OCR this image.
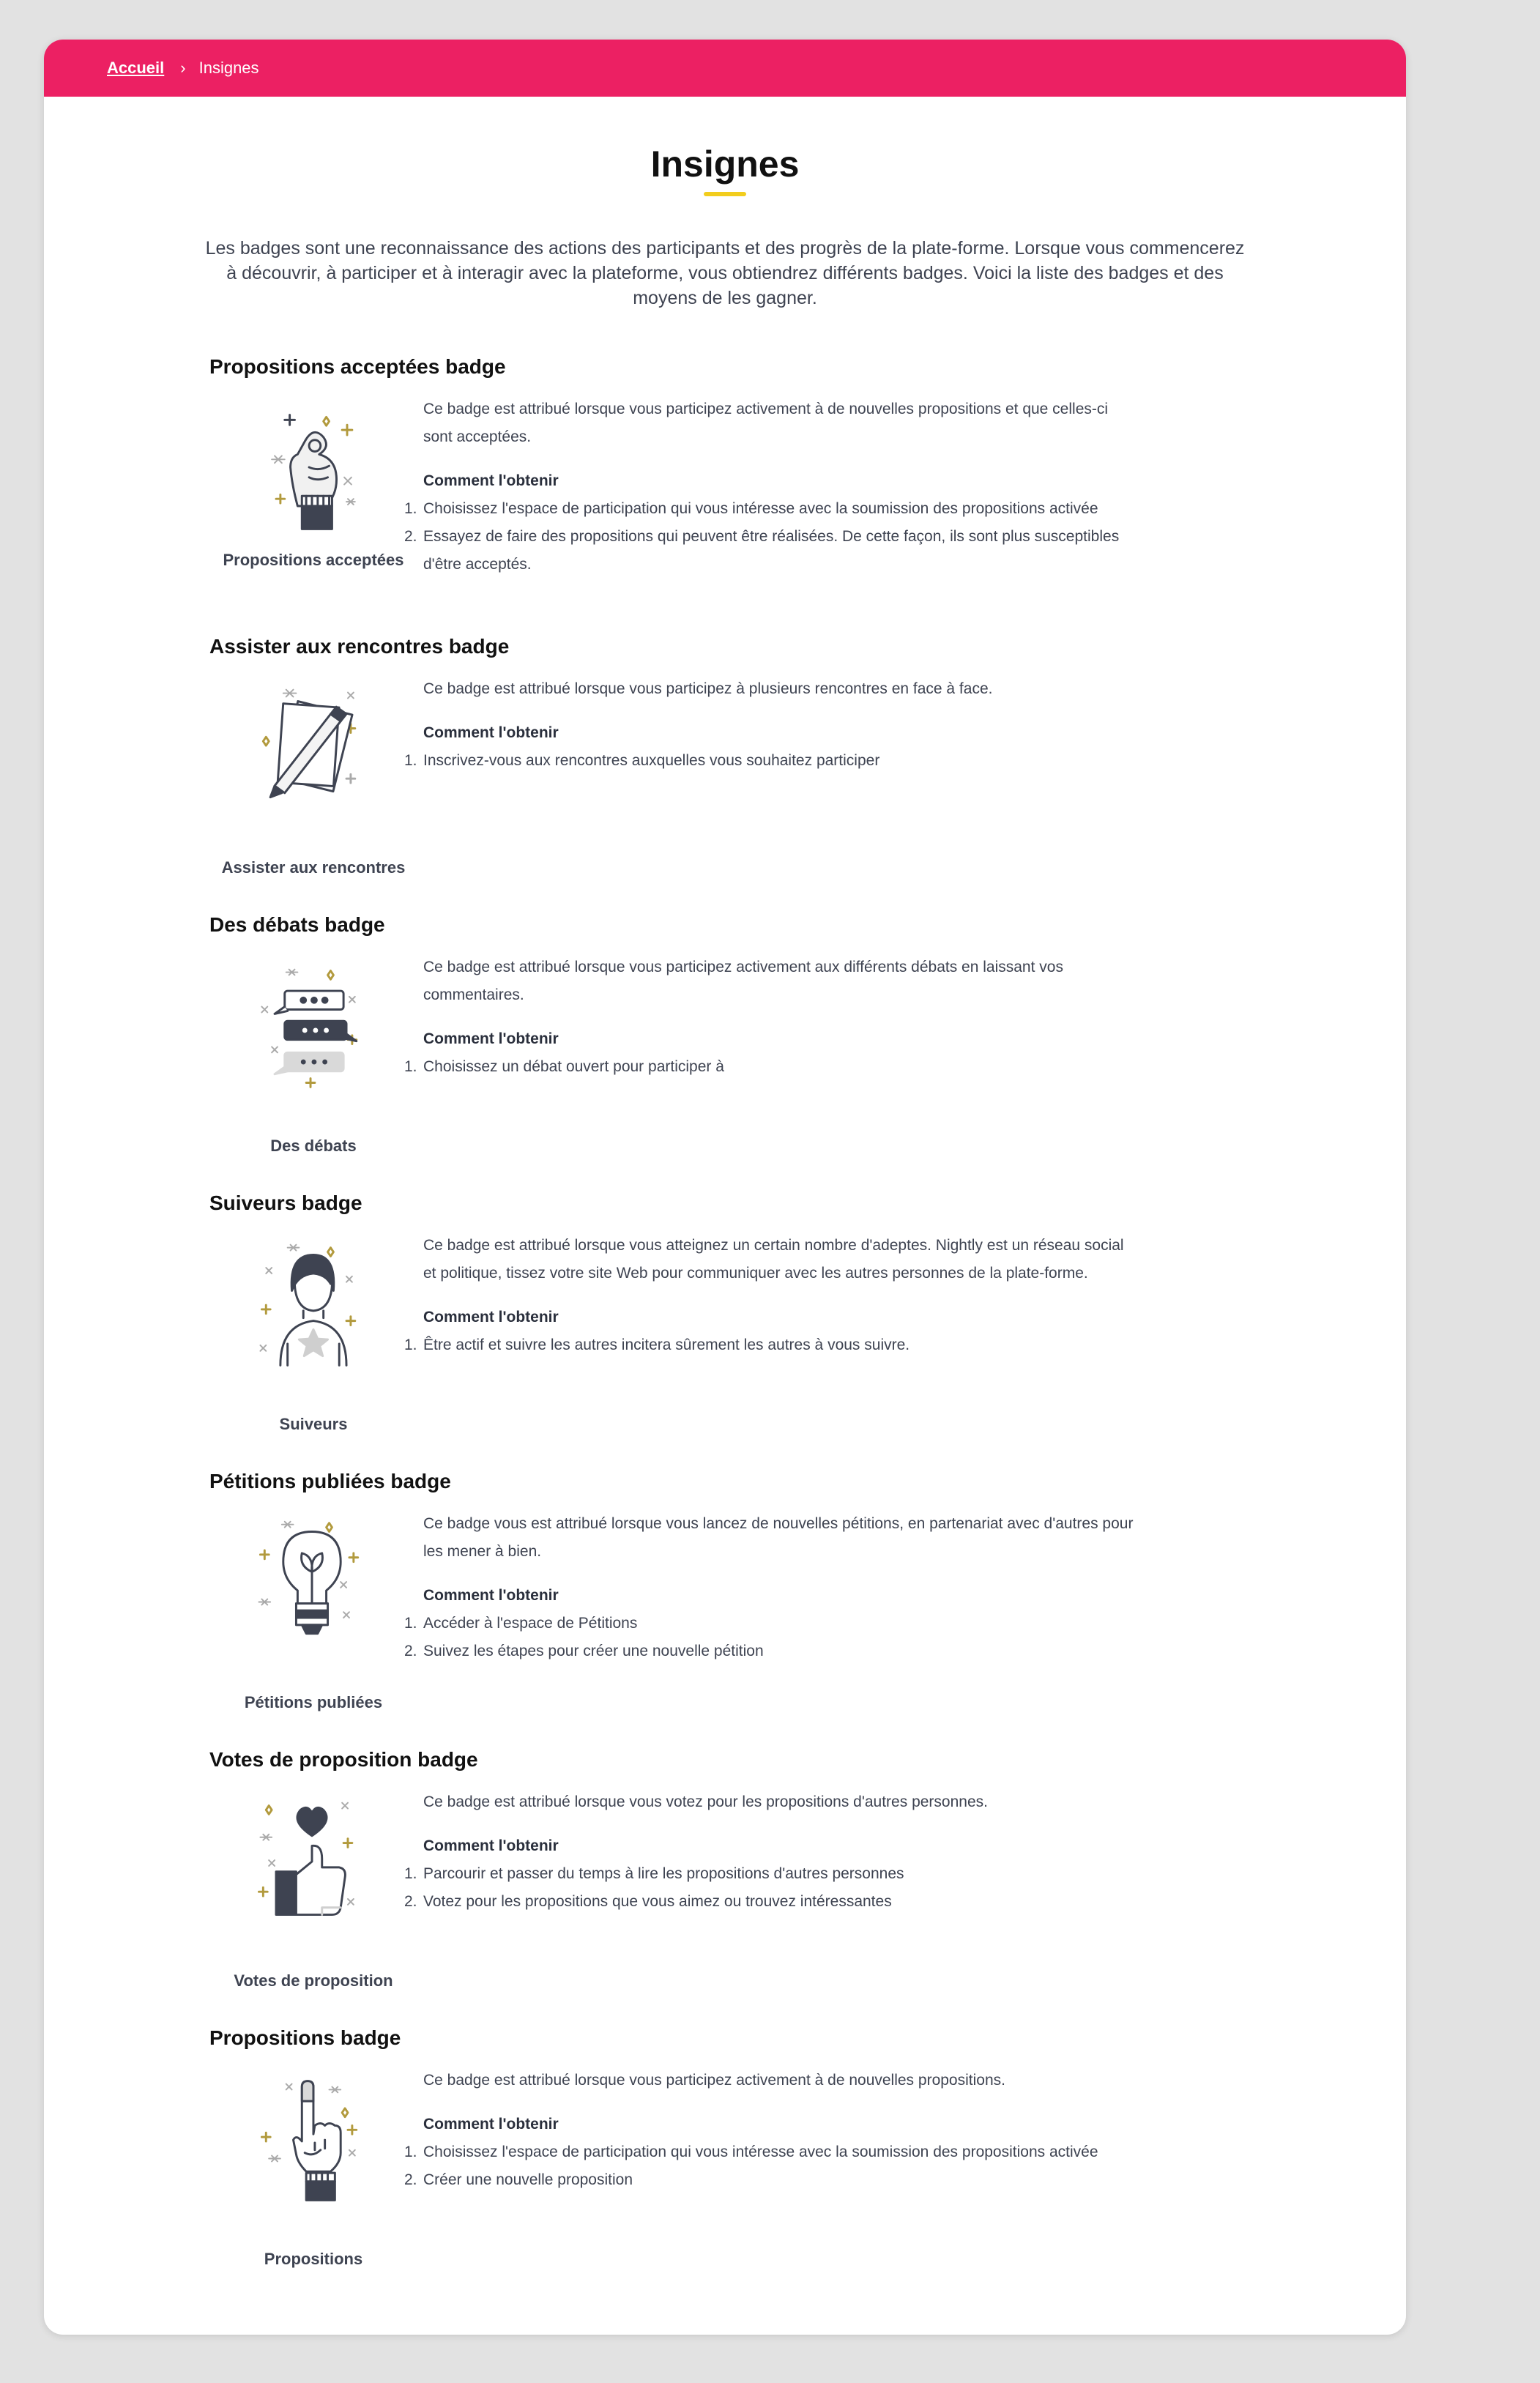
Accueil › Insignes
Insignes

Les badges sont une reconnaissance des actions des participants et des progrès de la plate-forme. Lorsque vous commencerez à découvrir, à participer et à interagir avec la plateforme, vous obtiendrez différents badges. Voici la liste des badges et des moyens de les gagner.

Propositions acceptées badge
Propositions acceptées

Ce badge est attribué lorsque vous participez activement à de nouvelles propositions et que celles-ci sont acceptées.

Comment l'obtenir

1. Choisissez l'espace de participation qui vous intéresse avec la soumission des propositions activée
2. Essayez de faire des propositions qui peuvent être réalisées. De cette façon, ils sont plus susceptibles d'être acceptés.
Assister aux rencontres badge
Assister aux rencontres

Ce badge est attribué lorsque vous participez à plusieurs rencontres en face à face.

Comment l'obtenir

1. Inscrivez-vous aux rencontres auxquelles vous souhaitez participer
Des débats badge
Des débats

Ce badge est attribué lorsque vous participez activement aux différents débats en laissant vos commentaires.

Comment l'obtenir

1. Choisissez un débat ouvert pour participer à
Suiveurs badge
Suiveurs

Ce badge est attribué lorsque vous atteignez un certain nombre d'adeptes. Nightly est un réseau social et politique, tissez votre site Web pour communiquer avec les autres personnes de la plate-forme.

Comment l'obtenir

1. Être actif et suivre les autres incitera sûrement les autres à vous suivre.
Pétitions publiées badge
Pétitions publiées

Ce badge vous est attribué lorsque vous lancez de nouvelles pétitions, en partenariat avec d'autres pour les mener à bien.

Comment l'obtenir

1. Accéder à l'espace de Pétitions
2. Suivez les étapes pour créer une nouvelle pétition
Votes de proposition badge
Votes de proposition

Ce badge est attribué lorsque vous votez pour les propositions d'autres personnes.

Comment l'obtenir

1. Parcourir et passer du temps à lire les propositions d'autres personnes
2. Votez pour les propositions que vous aimez ou trouvez intéressantes
Propositions badge
Propositions

Ce badge est attribué lorsque vous participez activement à de nouvelles propositions.

Comment l'obtenir

1. Choisissez l'espace de participation qui vous intéresse avec la soumission des propositions activée
2. Créer une nouvelle proposition
